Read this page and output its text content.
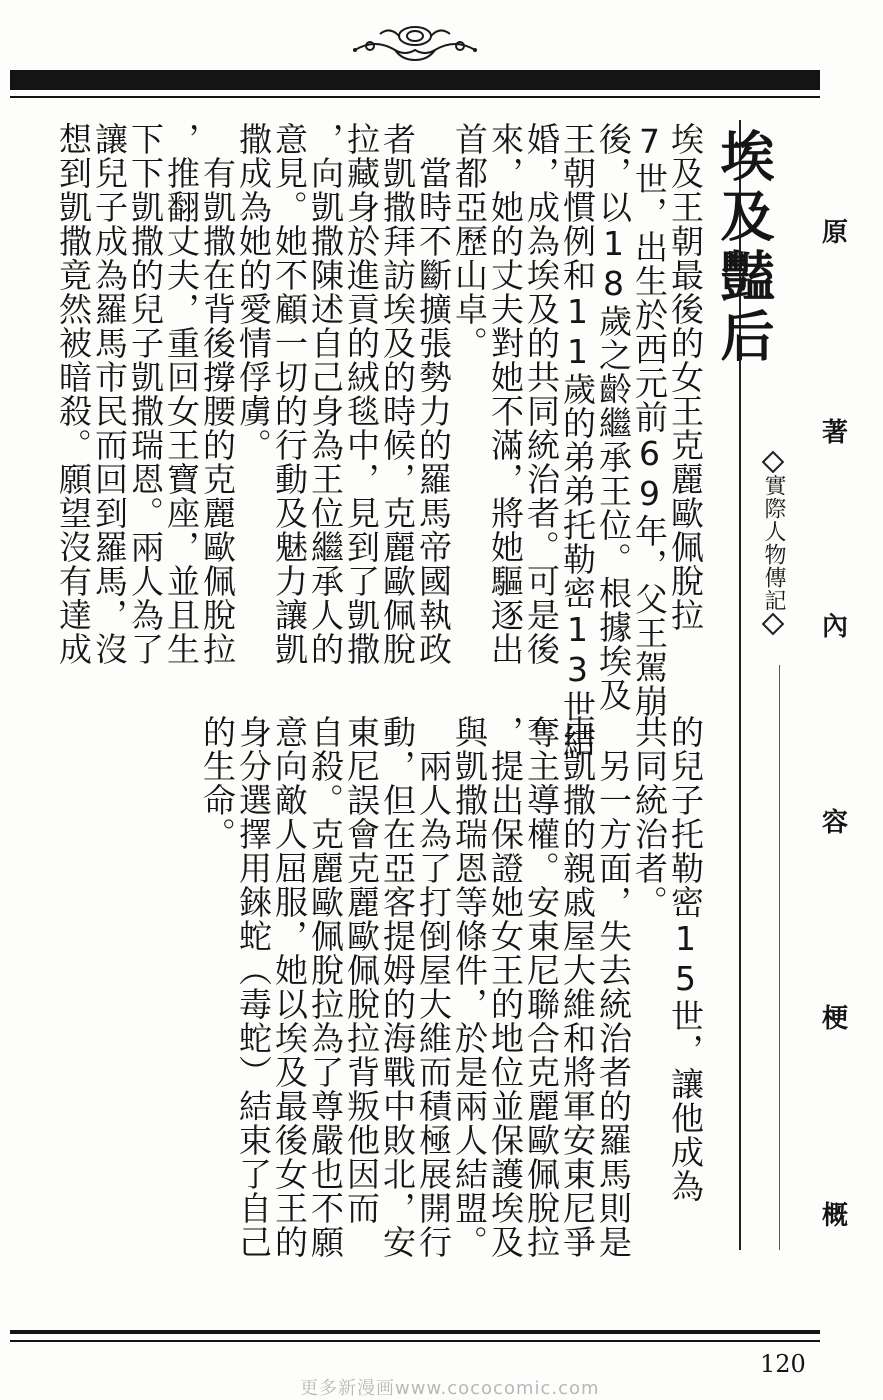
埃及王朝最後的女王克麗歐佩脫拉
7世，出生於西元前69年，父王駕崩
後，以18歲之齡繼承王位。根據埃及
王朝慣例和11歲的弟弟托勒密13世結
婚，成為埃及的共同統治者。可是後
來，她的丈夫對她不滿，將她驅逐出
首都亞歷山卓。
　當時不斷擴張勢力的羅馬帝國執政
者凱撒拜訪埃及的時候，克麗歐佩脫
拉藏身於進貢的絨毯中，見到了凱撒
，向凱撒陳述自己身為王位繼承人的
意見。她不顧一切的行動及魅力讓凱
撒成為她的愛情俘虜。
　有凱撒在背後撐腰的克麗歐佩脫拉
，推翻丈夫，重回女王寶座，並且生
下下凱撒的兒子凱撒瑞恩。兩人為了
讓兒子成為羅馬市民而回到羅馬，沒
想到凱撒竟然被暗殺。願望沒有達成
的兒子托勒密15世，讓他成為
共同統治者。
　另一方面，失去統治者的羅馬則是
由凱撒的親戚屋大維和將軍安東尼爭
奪主導權。安東尼聯合克麗歐佩脫拉
，提出保證她女王的地位並保護埃及
與凱撒瑞恩等條件，於是兩人結盟。
　兩人為了打倒屋大維而積極展開行
動，但在亞客提姆的海戰中敗北，安
東尼誤會克麗歐佩脫拉背叛他因而
自殺。克麗歐佩脫拉為了尊嚴也不願
意向敵人屈服，她以埃及最後女王的
身分選擇用錸蛇（毒蛇）結束了自己
的生命。
埃及豔后
實際人物傳記
原
著
內
容
梗
概
120
更多新漫画www.cococomic.com
